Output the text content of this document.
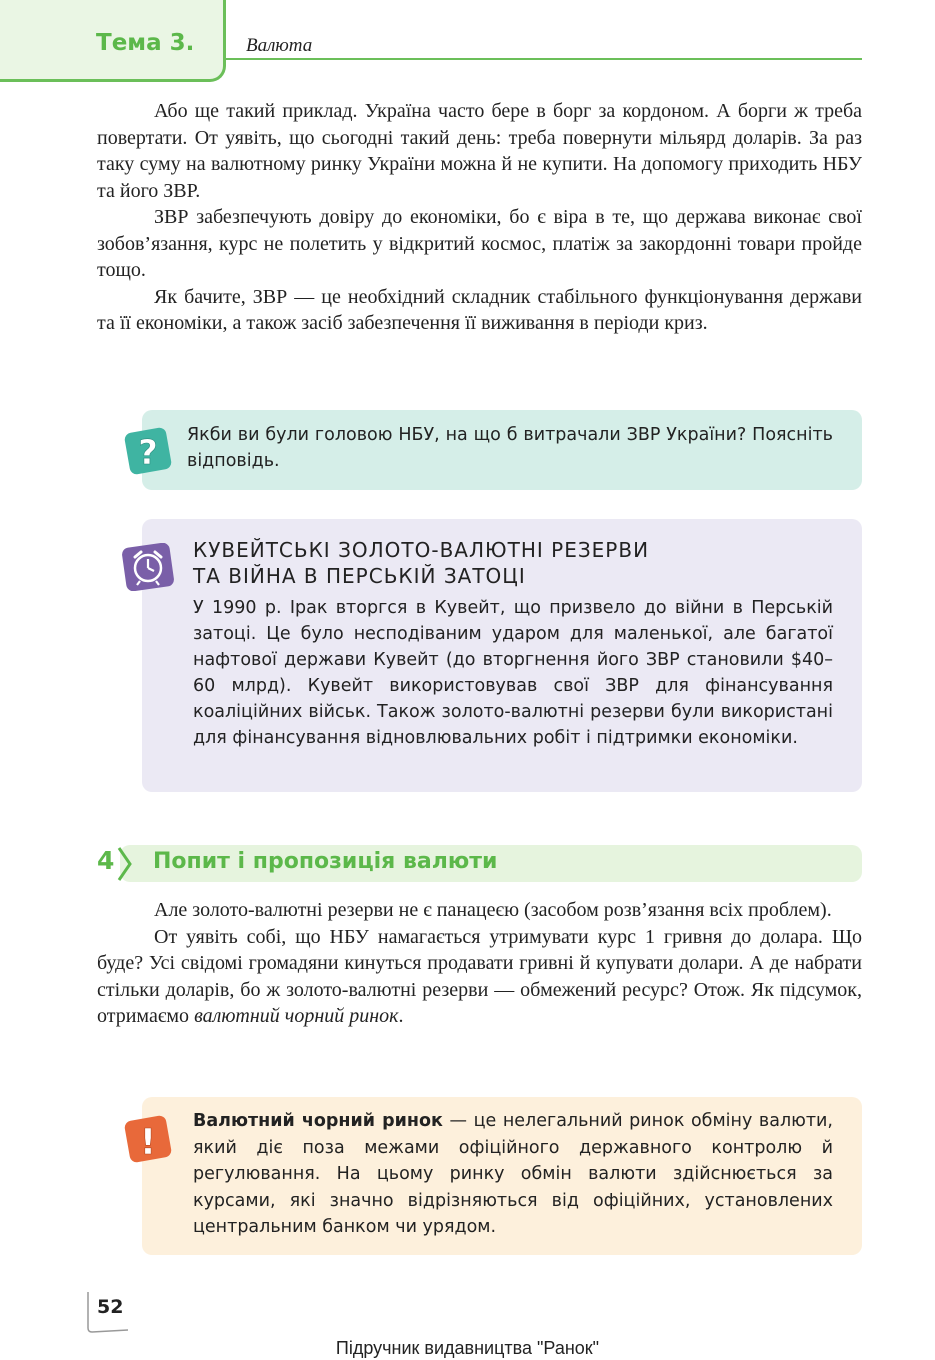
Тема 3.	Валюта

Або ще такий приклад. Україна часто бере в борг за кордоном. А борги ж треба повертати. От уявіть, що сьогодні такий день: треба повернути мільярд доларів. За раз таку суму на валютному ринку України можна й не купити. На допомогу приходить НБУ та його ЗВР.

ЗВР забезпечують довіру до економіки, бо є віра в те, що держава виконає свої зобов’язання, курс не полетить у відкритий космос, платіж за закордонні товари пройде тощо.

Як бачите, ЗВР — це необхідний складник стабільного функціонування держави та її економіки, а також засіб забезпечення її виживання в періоди криз.

? Якби ви були головою НБУ, на що б витрачали ЗВР України? Поясніть відповідь.
КУВЕЙТСЬКІ ЗОЛОТО-ВАЛЮТНІ РЕЗЕРВИ
ТА ВІЙНА В ПЕРСЬКІЙ ЗАТОЦІ
У 1990 р. Ірак вторгся в Кувейт, що призвело до війни в Перській затоці. Це було несподіваним ударом для маленької, але багатої нафтової держави Кувейт (до вторгнення його ЗВР становили $40–60 млрд). Кувейт використовував свої ЗВР для фінансування коаліційних військ. Також золото-валютні резерви були використані для фінансування відновлювальних робіт і підтримки економіки.
4 Попит і пропозиція валюти

Але золото-валютні резерви не є панацеєю (засобом розв’язання всіх проблем).

От уявіть собі, що НБУ намагається утримувати курс 1 гривня до долара. Що буде? Усі свідомі громадяни кинуться продавати гривні й купувати долари. А де набрати стільки доларів, бо ж золото-валютні резерви — обмежений ресурс? Отож. Як підсумок, отримаємо валютний чорний ринок.

!
Валютний чорний ринок — це нелегальний ринок обміну валюти, який діє поза межами офіційного державного контролю й регулювання. На цьому ринку обмін валюти здійснюється за курсами, які значно відрізняються від офіційних, установлених центральним банком чи урядом.
52
Підручник видавництва "Ранок"
